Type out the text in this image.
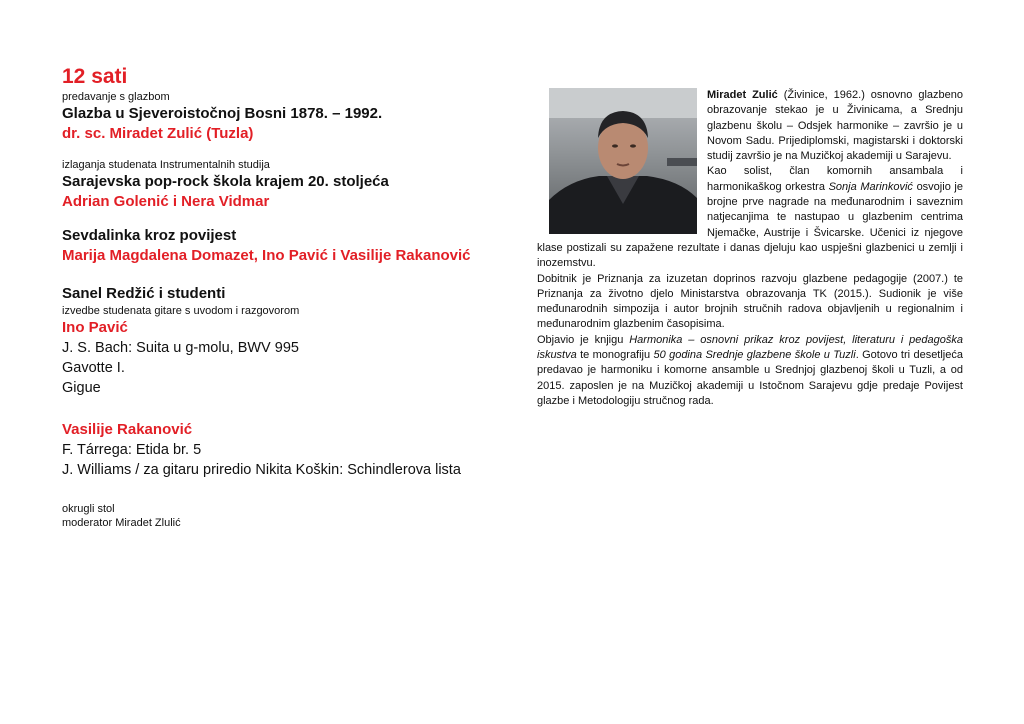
12 sati
predavanje s glazbom
Glazba u Sjeveroistočnoj Bosni 1878. – 1992.
dr. sc. Miradet Zulić (Tuzla)
izlaganja studenata Instrumentalnih studija
Sarajevska pop-rock škola krajem 20. stoljeća
Adrian Golenić i Nera Vidmar
Sevdalinka kroz povijest
Marija Magdalena Domazet, Ino Pavić i Vasilije Rakanović
Sanel Redžić i studenti
izvedbe studenata gitare s uvodom i razgovorom
Ino Pavić
J. S. Bach: Suita u g-molu, BWV 995
Gavotte I.
Gigue
Vasilije Rakanović
F. Tárrega: Etida br. 5
J. Williams / za gitaru priredio Nikita Koškin: Schindlerova lista
okrugli stol
moderator Miradet Zlulić

Miradet Zulić (Živinice, 1962.) osnovno glazbeno obrazovanje stekao je u Živinicama, a Srednju glazbenu školu – Odsjek harmonike – završio je u Novom Sadu. Prijediplomski, magistarski i doktorski studij završio je na Muzičkoj akademiji u Sarajevu.

Kao solist, član komornih ansambala i harmonikaškog orkestra Sonja Marinković osvojio je brojne prve nagrade na međunarodnim i saveznim natjecanjima te nastupao u glazbenim centrima Njemačke, Austrije i Švicarske. Učenici iz njegove klase postizali su zapažene rezultate i danas djeluju kao uspješni glazbenici u zemlji i inozemstvu.

Dobitnik je Priznanja za izuzetan doprinos razvoju glazbene pedagogije (2007.) te Priznanja za životno djelo Ministarstva obrazovanja TK (2015.). Sudionik je više međunarodnih simpozija i autor brojnih stručnih radova objavljenih u regionalnim i međunarodnim glazbenim časopisima.

Objavio je knjigu Harmonika – osnovni prikaz kroz povijest, literaturu i pedagoška iskustva te monografiju 50 godina Srednje glazbene škole u Tuzli. Gotovo tri desetljeća predavao je harmoniku i komorne ansamble u Srednjoj glazbenoj školi u Tuzli, a od 2015. zaposlen je na Muzičkoj akademiji u Istočnom Sarajevu gdje predaje Povijest glazbe i Metodologiju stručnog rada.
